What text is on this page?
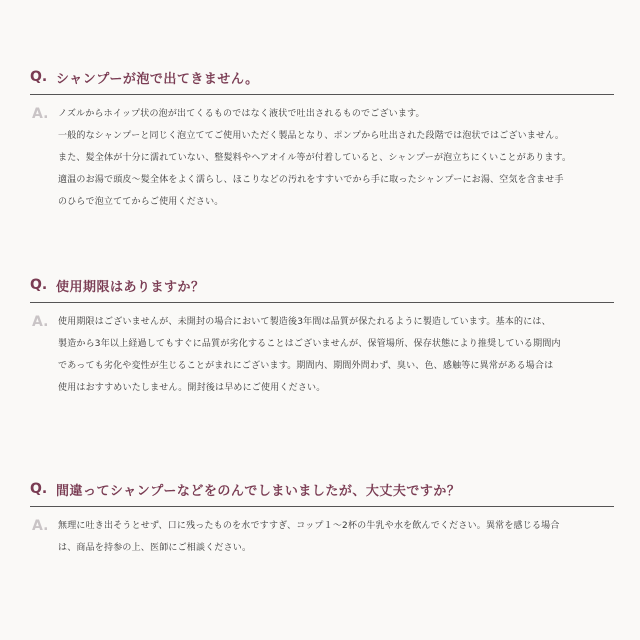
Q. シャンプーが泡で出てきません。
A. ノズルからホイップ状の泡が出てくるものではなく液状で吐出されるものでございます。
一般的なシャンプーと同じく泡立ててご使用いただく製品となり、ポンプから吐出された段階では泡状ではございません。
また、髪全体が十分に濡れていない、整髪料やヘアオイル等が付着していると、シャンプーが泡立ちにくいことがあります。
適温のお湯で頭皮～髪全体をよく濡らし、ほこりなどの汚れをすすいでから手に取ったシャンプーにお湯、空気を含ませ手
のひらで泡立ててからご使用ください。
Q. 使用期限はありますか？
A. 使用期限はございませんが、未開封の場合において製造後3年間は品質が保たれるように製造しています。基本的には、
製造から3年以上経過してもすぐに品質が劣化することはございませんが、保管場所、保存状態により推奨している期間内
であっても劣化や変性が生じることがまれにございます。期間内、期間外問わず、臭い、色、感触等に異常がある場合は
使用はおすすめいたしません。開封後は早めにご使用ください。
Q. 間違ってシャンプーなどをのんでしまいましたが、大丈夫ですか？
A. 無理に吐き出そうとせず、口に残ったものを水ですすぎ、コップ１～2杯の牛乳や水を飲んでください。異常を感じる場合
は、商品を持参の上、医師にご相談ください。
